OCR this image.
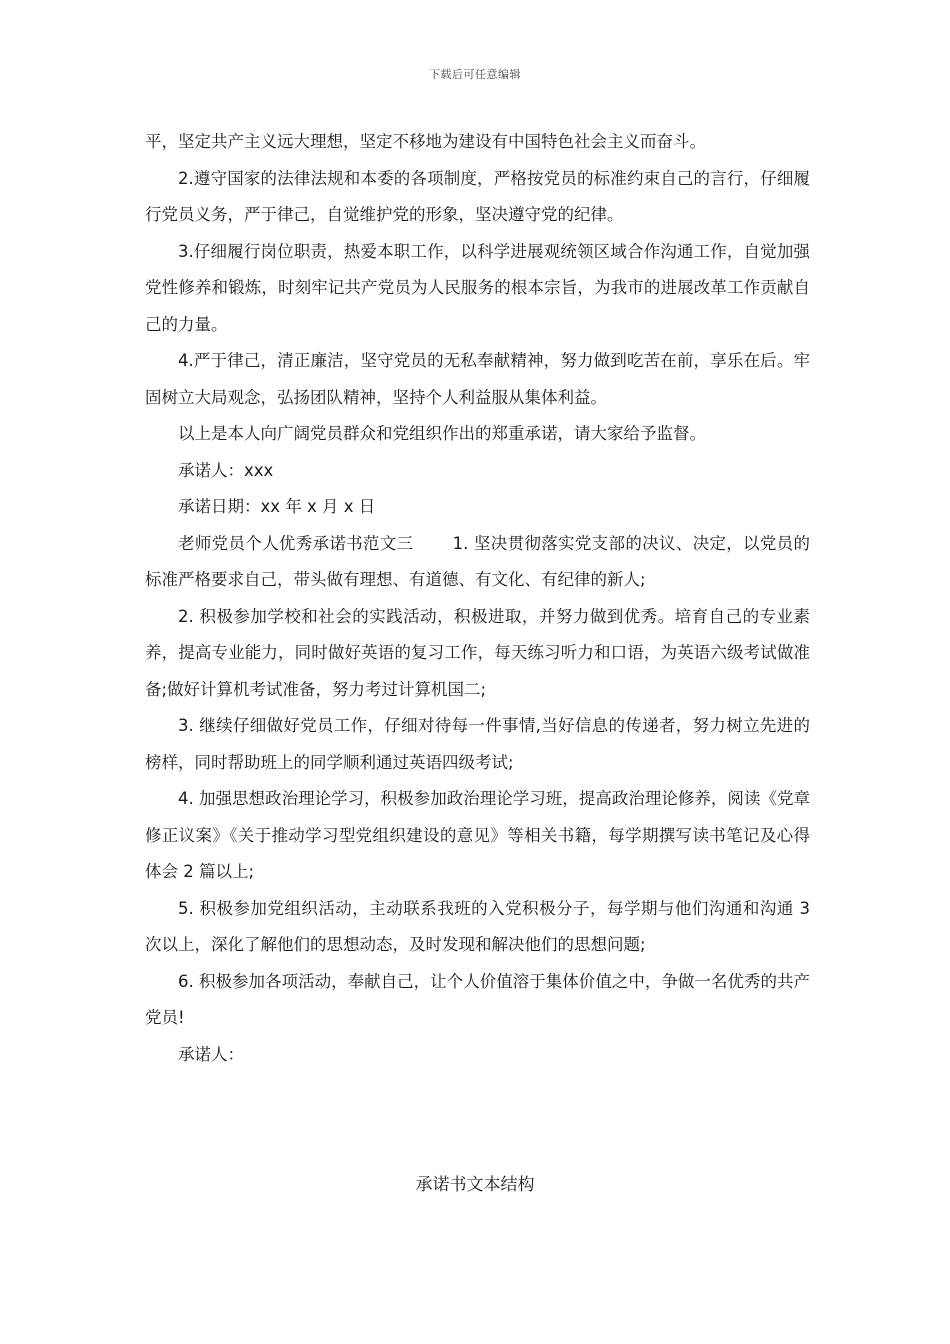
下载后可任意编辑

平，坚定共产主义远大理想，坚定不移地为建设有中国特色社会主义而奋斗。

2.遵守国家的法律法规和本委的各项制度，严格按党员的标准约束自己的言行，仔细履行党员义务，严于律己，自觉维护党的形象，坚决遵守党的纪律。

3.仔细履行岗位职责，热爱本职工作，以科学进展观统领区域合作沟通工作，自觉加强党性修养和锻炼，时刻牢记共产党员为人民服务的根本宗旨，为我市的进展改革工作贡献自己的力量。

4.严于律己，清正廉洁，坚守党员的无私奉献精神，努力做到吃苦在前，享乐在后。牢固树立大局观念，弘扬团队精神，坚持个人利益服从集体利益。

以上是本人向广阔党员群众和党组织作出的郑重承诺，请大家给予监督。

承诺人：xxx

承诺日期：xx 年 x 月 x 日

老师党员个人优秀承诺书范文三 　　1. 坚决贯彻落实党支部的决议、决定，以党员的标准严格要求自己，带头做有理想、有道德、有文化、有纪律的新人;

2. 积极参加学校和社会的实践活动，积极进取，并努力做到优秀。培育自己的专业素养，提高专业能力，同时做好英语的复习工作，每天练习听力和口语，为英语六级考试做准备;做好计算机考试准备，努力考过计算机国二;

3. 继续仔细做好党员工作，仔细对待每一件事情,当好信息的传递者，努力树立先进的榜样，同时帮助班上的同学顺利通过英语四级考试;

4. 加强思想政治理论学习，积极参加政治理论学习班，提高政治理论修养，阅读《党章修正议案》《关于推动学习型党组织建设的意见》等相关书籍，每学期撰写读书笔记及心得体会 2 篇以上;

5. 积极参加党组织活动，主动联系我班的入党积极分子，每学期与他们沟通和沟通 3 次以上，深化了解他们的思想动态，及时发现和解决他们的思想问题;

6. 积极参加各项活动，奉献自己，让个人价值溶于集体价值之中，争做一名优秀的共产党员!

承诺人：

承诺书文本结构
